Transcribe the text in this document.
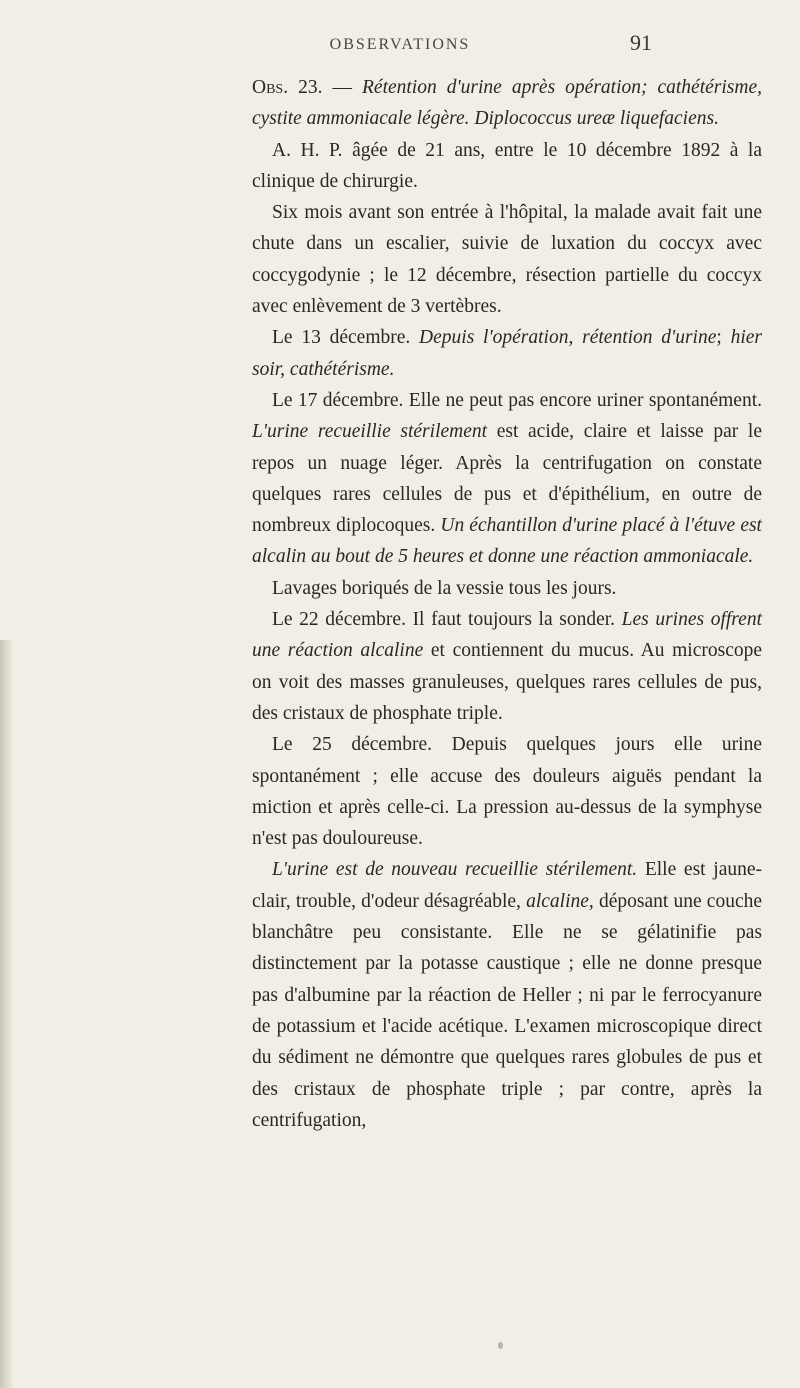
OBSERVATIONS	91

Obs. 23. — Rétention d'urine après opération; cathétérisme, cystite ammoniacale légère. Diplococcus ureæ liquefaciens.

A. H. P. âgée de 21 ans, entre le 10 décembre 1892 à la clinique de chirurgie.

Six mois avant son entrée à l'hôpital, la malade avait fait une chute dans un escalier, suivie de luxation du coccyx avec coccygodynie ; le 12 décembre, résection partielle du coccyx avec enlèvement de 3 vertèbres.

Le 13 décembre. Depuis l'opération, rétention d'urine; hier soir, cathétérisme.

Le 17 décembre. Elle ne peut pas encore uriner spontanément. L'urine recueillie stérilement est acide, claire et laisse par le repos un nuage léger. Après la centrifugation on constate quelques rares cellules de pus et d'épithélium, en outre de nombreux diplocoques. Un échantillon d'urine placé à l'étuve est alcalin au bout de 5 heures et donne une réaction ammoniacale.

Lavages boriqués de la vessie tous les jours.

Le 22 décembre. Il faut toujours la sonder. Les urines offrent une réaction alcaline et contiennent du mucus. Au microscope on voit des masses granuleuses, quelques rares cellules de pus, des cristaux de phosphate triple.

Le 25 décembre. Depuis quelques jours elle urine spontanément ; elle accuse des douleurs aiguës pendant la miction et après celle-ci. La pression au-dessus de la symphyse n'est pas douloureuse.

L'urine est de nouveau recueillie stérilement. Elle est jaune-clair, trouble, d'odeur désagréable, alcaline, déposant une couche blanchâtre peu consistante. Elle ne se gélatinifie pas distinctement par la potasse caustique ; elle ne donne presque pas d'albumine par la réaction de Heller ; ni par le ferrocyanure de potassium et l'acide acétique. L'examen microscopique direct du sédiment ne démontre que quelques rares globules de pus et des cristaux de phosphate triple ; par contre, après la centrifugation,
